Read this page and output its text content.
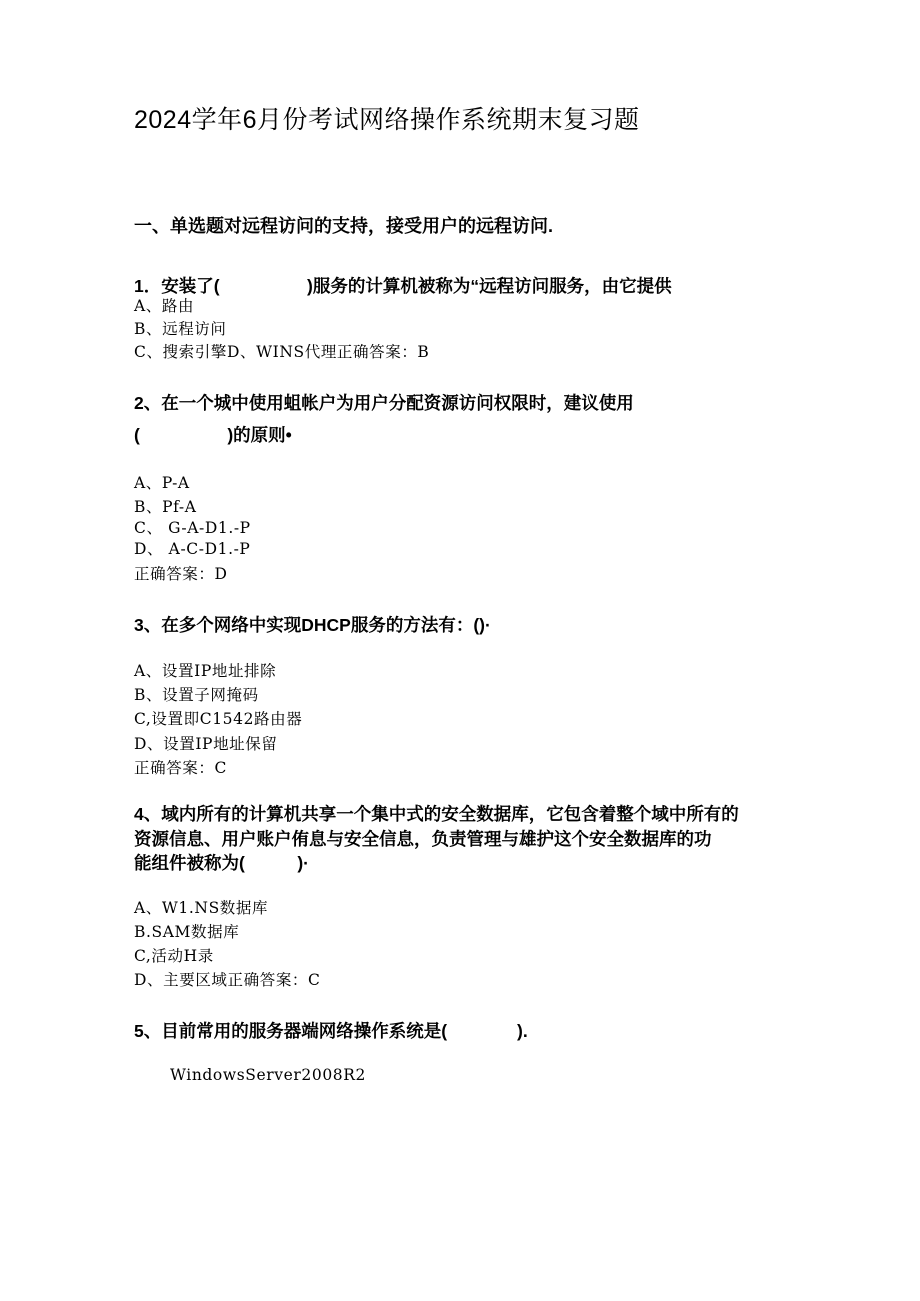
2024学年6月份考试网络操作系统期末复习题
一、单选题对远程访问的支持，接受用户的远程访问.
1．安装了(　　　　　)服务的计算机被称为“远程访问服务，由它提供
A、路由
B、远程访问
C、搜索引擎D、WINS代理正确答案：B
2、在一个城中使用蛆帐户为用户分配资源访问权限时，建议使用
(　　　　　)的原则•
A、P-A
B、Pf-A
C、 G-A-D1.-P
D、 A-C-D1.-P
正确答案：D
3、在多个网络中实现DHCP服务的方法有：()·
A、设置IP地址排除
B、设置子网掩码
C,设置即C1542路由器
D、设置IP地址保留
正确答案：C
4、域内所有的计算机共享一个集中式的安全数据库，它包含着整个域中所有的
资源信息、用户账户侑息与安全信息，负责管理与雄护这个安全数据库的功
能组件被称为(　　　)·
A、W1.NS数据库
B.SAM数据库
C,活动H录
D、主要区域正确答案：C
5、目前常用的服务器端网络操作系统是(　　　　).
WindowsServer2008R2
